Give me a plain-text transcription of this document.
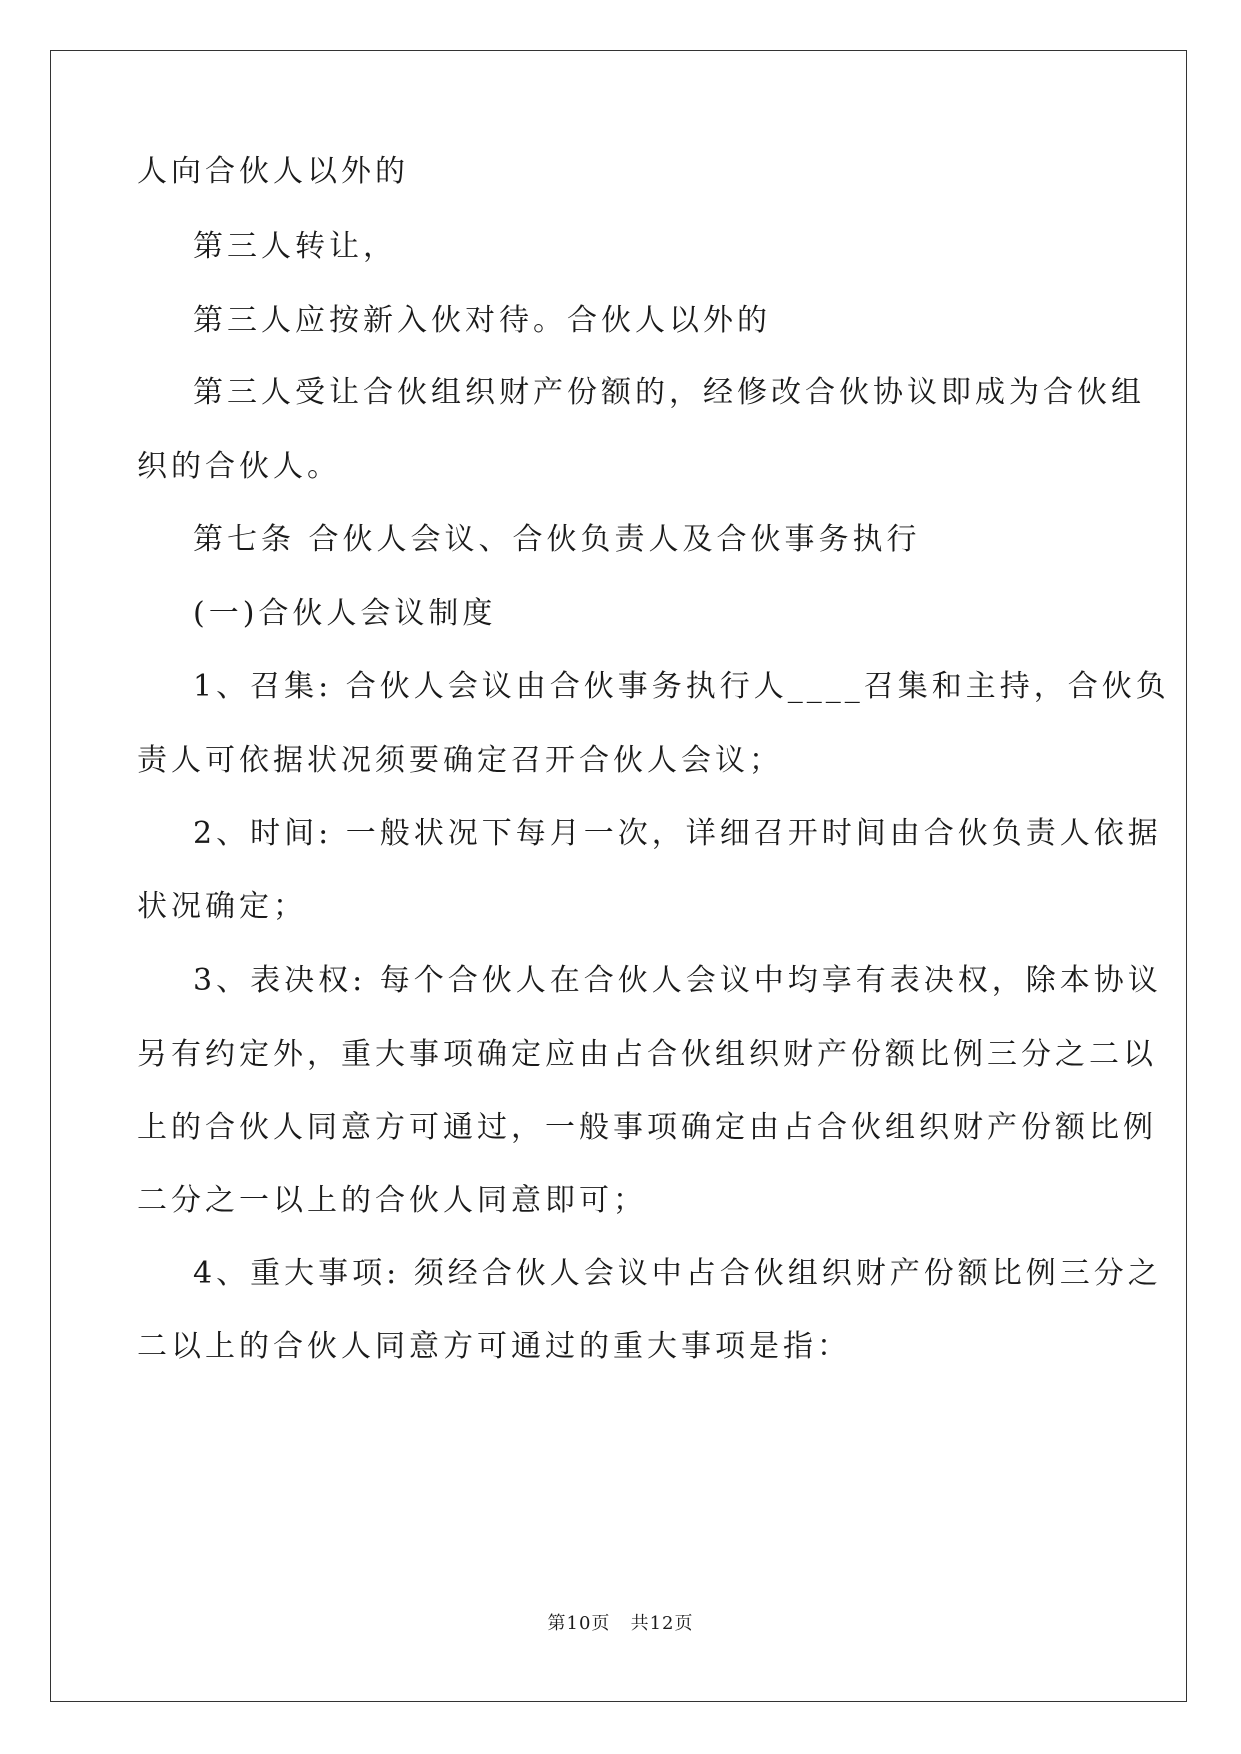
人向合伙人以外的
第三人转让，
第三人应按新入伙对待。合伙人以外的
第三人受让合伙组织财产份额的，经修改合伙协议即成为合伙组
织的合伙人。
第七条 合伙人会议、合伙负责人及合伙事务执行
(一)合伙人会议制度
1、召集: 合伙人会议由合伙事务执行人____召集和主持，合伙负
责人可依据状况须要确定召开合伙人会议；
2、时间: 一般状况下每月一次，详细召开时间由合伙负责人依据
状况确定；
3、表决权: 每个合伙人在合伙人会议中均享有表决权，除本协议
另有约定外，重大事项确定应由占合伙组织财产份额比例三分之二以
上的合伙人同意方可通过，一般事项确定由占合伙组织财产份额比例
二分之一以上的合伙人同意即可；
4、重大事项: 须经合伙人会议中占合伙组织财产份额比例三分之
二以上的合伙人同意方可通过的重大事项是指：
第10页   共12页
